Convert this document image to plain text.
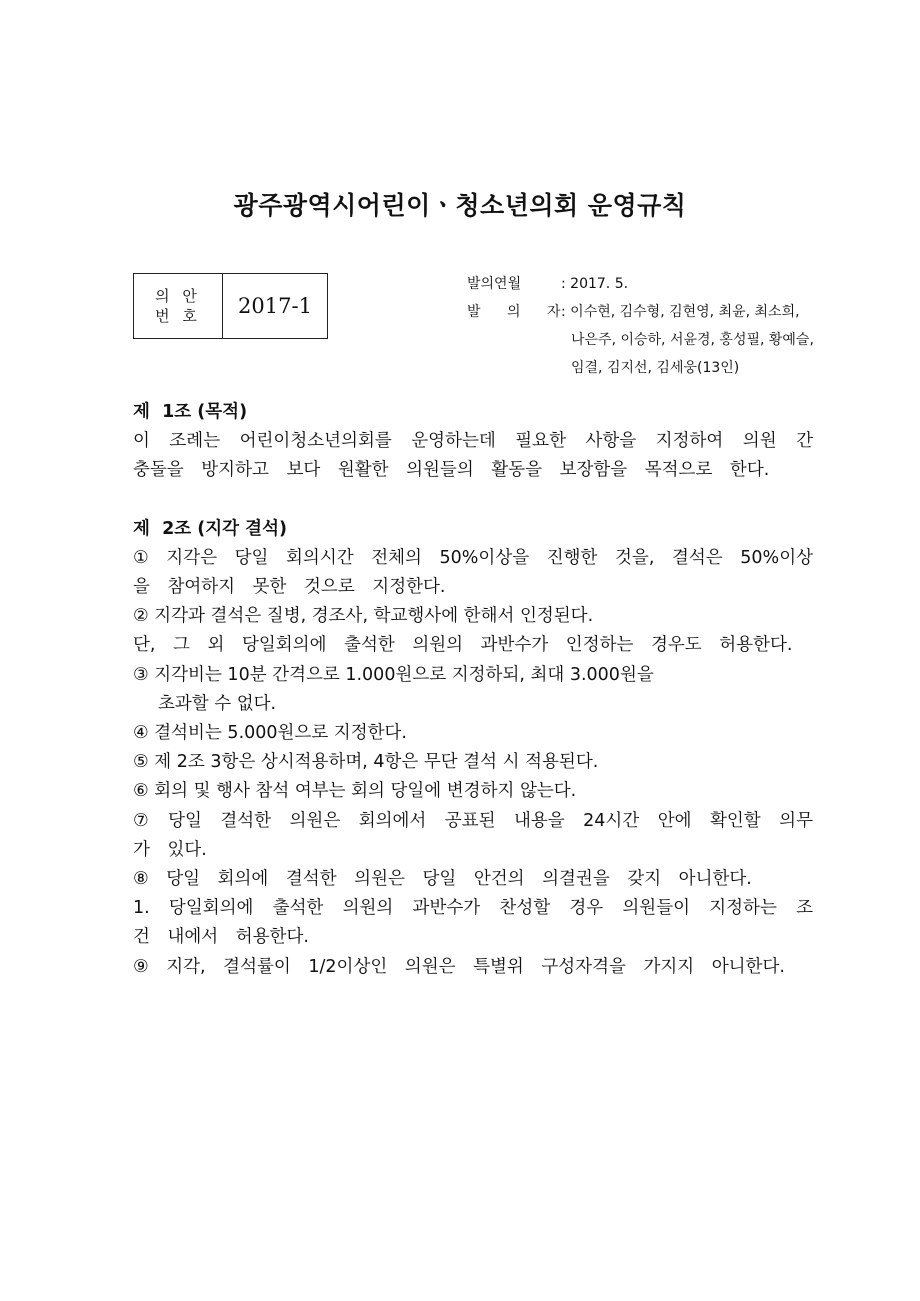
광주광역시어린이ㆍ청소년의회 운영규칙
의 안
번 호	2017-1
발의연월	: 2017. 5.
발 의 자
: 이수현, 김수형, 김현영, 최윤, 최소희,
나은주, 이승하, 서윤경, 홍성필, 황예슬,
임결, 김지선, 김세웅(13인)
제  1조 (목적)

이 조례는 어린이청소년의회를 운영하는데 필요한 사항을 지정하여 의원 간 충돌을 방지하고 보다 원활한 의원들의 활동을 보장함을 목적으로 한다.

제  2조 (지각 결석)

① 지각은 당일 회의시간 전체의 50%이상을 진행한 것을, 결석은 50%이상을 참여하지 못한 것으로 지정한다.

② 지각과 결석은 질병, 경조사, 학교행사에 한해서 인정된다.

단, 그 외 당일회의에 출석한 의원의 과반수가 인정하는 경우도 허용한다.

③ 지각비는 10분 간격으로 1.000원으로 지정하되, 최대 3.000원을

초과할 수 없다.

④ 결석비는 5.000원으로 지정한다.

⑤ 제 2조 3항은 상시적용하며, 4항은 무단 결석 시 적용된다.

⑥ 회의 및 행사 참석 여부는 회의 당일에 변경하지 않는다.

⑦ 당일 결석한 의원은 회의에서 공표된 내용을 24시간 안에 확인할 의무가 있다.

⑧ 당일 회의에 결석한 의원은 당일 안건의 의결권을 갖지 아니한다.

1. 당일회의에 출석한 의원의 과반수가 찬성할 경우 의원들이 지정하는 조건 내에서 허용한다.

⑨ 지각, 결석률이 1/2이상인 의원은 특별위 구성자격을 가지지 아니한다.
